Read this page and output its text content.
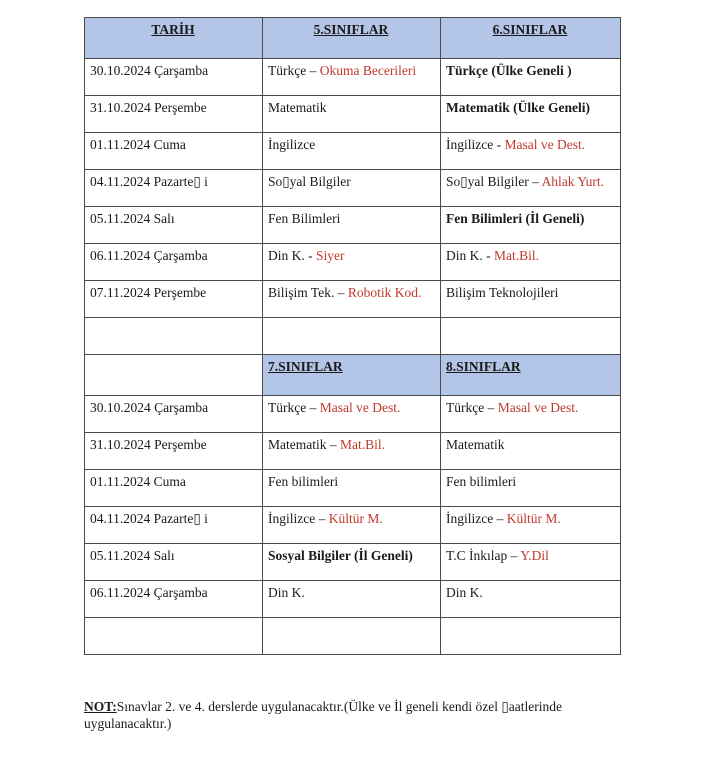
TARİH	5.SINIFLAR	6.SINIFLAR
30.10.2024 Çarşamba	Türkçe – Okuma Becerileri	Türkçe (Ülke Geneli )
31.10.2024 Perşembe	Matematik	Matematik (Ülke Geneli)
01.11.2024 Cuma	İngilizce	İngilizce - Masal ve Dest.
04.11.2024 Pazarte▯ i	So▯yal Bilgiler	So▯yal Bilgiler – Ahlak Yurt.
05.11.2024 Salı	Fen Bilimleri	Fen Bilimleri (İl Geneli)
06.11.2024 Çarşamba	Din K. - Siyer	Din K. - Mat.Bil.
07.11.2024 Perşembe	Bilişim Tek. – Robotik Kod.	Bilişim Teknolojileri

	7.SINIFLAR	8.SINIFLAR
30.10.2024 Çarşamba	Türkçe – Masal ve Dest.	Türkçe – Masal ve Dest.
31.10.2024 Perşembe	Matematik – Mat.Bil.	Matematik
01.11.2024 Cuma	Fen bilimleri	Fen bilimleri
04.11.2024 Pazarte▯ i	İngilizce – Kültür M.	İngilizce – Kültür M.
05.11.2024 Salı	Sosyal Bilgiler (İl Geneli)	T.C İnkılap – Y.Dil
06.11.2024 Çarşamba	Din K.	Din K.

NOT:Sınavlar 2. ve 4. derslerde uygulanacaktır.(Ülke ve İl geneli kendi özel ▯aatlerinde uygulanacaktır.)
